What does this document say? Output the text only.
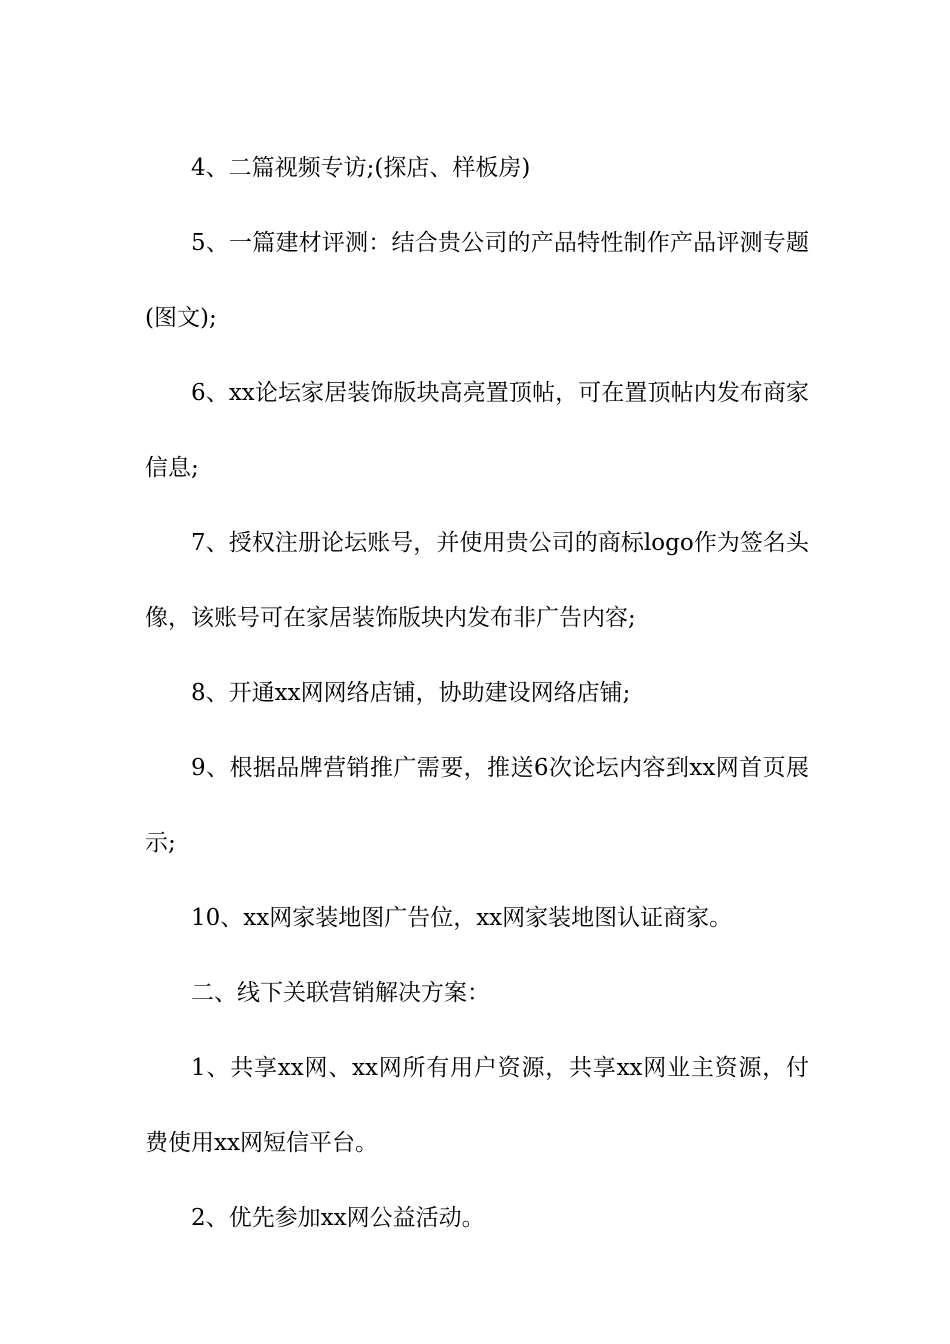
4、二篇视频专访;(探店、样板房)

5、一篇建材评测：结合贵公司的产品特性制作产品评测专题(图文);

6、xx论坛家居装饰版块高亮置顶帖，可在置顶帖内发布商家信息;

7、授权注册论坛账号，并使用贵公司的商标logo作为签名头像，该账号可在家居装饰版块内发布非广告内容;

8、开通xx网网络店铺，协助建设网络店铺;

9、根据品牌营销推广需要，推送6次论坛内容到xx网首页展示;

10、xx网家装地图广告位，xx网家装地图认证商家。

二、线下关联营销解决方案：

1、共享xx网、xx网所有用户资源，共享xx网业主资源，付费使用xx网短信平台。

2、优先参加xx网公益活动。
